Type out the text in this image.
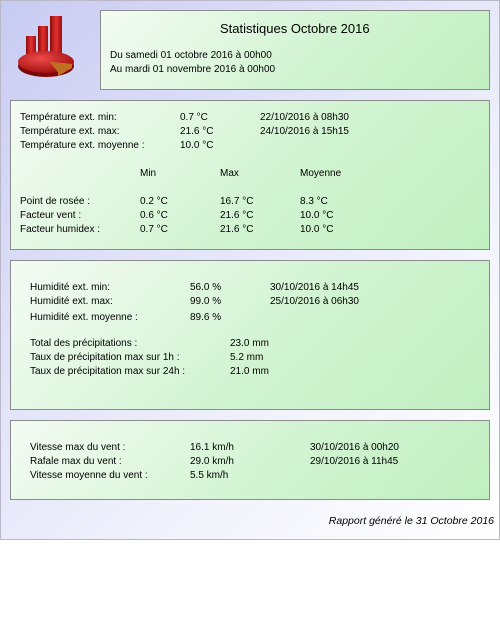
Statistiques Octobre 2016
Du samedi 01 octobre 2016 à 00h00
Au mardi 01 novembre 2016 à 00h00
Température ext. min:	0.7 °C	22/10/2016 à 08h30
Température ext. max:	21.6 °C	24/10/2016 à 15h15
Température ext. moyenne :	10.0 °C
Min	Max	Moyenne
Point de rosée :	0.2 °C	16.7 °C	8.3 °C
Facteur vent :	0.6 °C	21.6 °C	10.0 °C
Facteur humidex :	0.7 °C	21.6 °C	10.0 °C
Humidité ext. min:	56.0 %	30/10/2016 à 14h45
Humidité ext. max:	99.0 %	25/10/2016 à 06h30
Humidité ext. moyenne :	89.6 %
Total des précipitations :	23.0 mm
Taux de précipitation max sur 1h :	5.2 mm
Taux de précipitation max sur 24h :	21.0 mm
Vitesse max du vent :	16.1 km/h	30/10/2016 à 00h20
Rafale max du vent :	29.0 km/h	29/10/2016 à 11h45
Vitesse moyenne du vent :	5.5 km/h
Rapport généré le 31 Octobre 2016
